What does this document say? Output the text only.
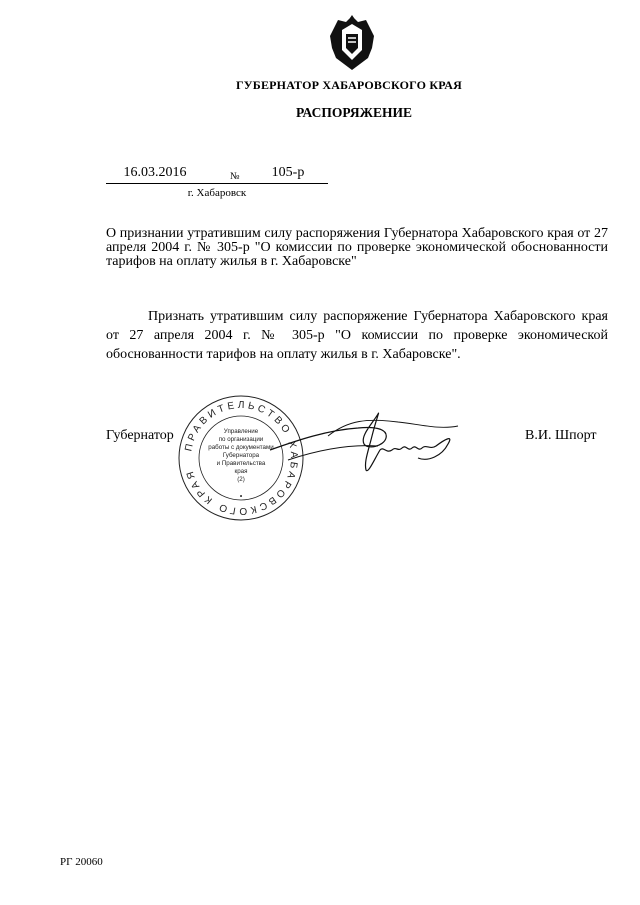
ГУБЕРНАТОР ХАБАРОВСКОГО КРАЯ
РАСПОРЯЖЕНИЕ
16.03.2016	№	105-р
г. Хабаровск
О признании утратившим силу распоряжения Губернатора Хабаровского края от 27 апреля 2004 г. № 305-р "О комиссии по проверке экономической обоснованности тарифов на оплату жилья в г. Хабаровске"
Признать утратившим силу распоряжение Губернатора Хабаровского края от 27 апреля 2004 г. № 305-р "О комиссии по проверке экономической обоснованности тарифов на оплату жилья в г. Хабаровске".
Губернатор	В.И. Шпорт
ПРАВИТЕЛЬСТВО ХАБАРОВСКОГО КРАЯ
•
Управление
по организации
работы с документами
Губернатора
и Правительства
края
(2)
РГ 20060
